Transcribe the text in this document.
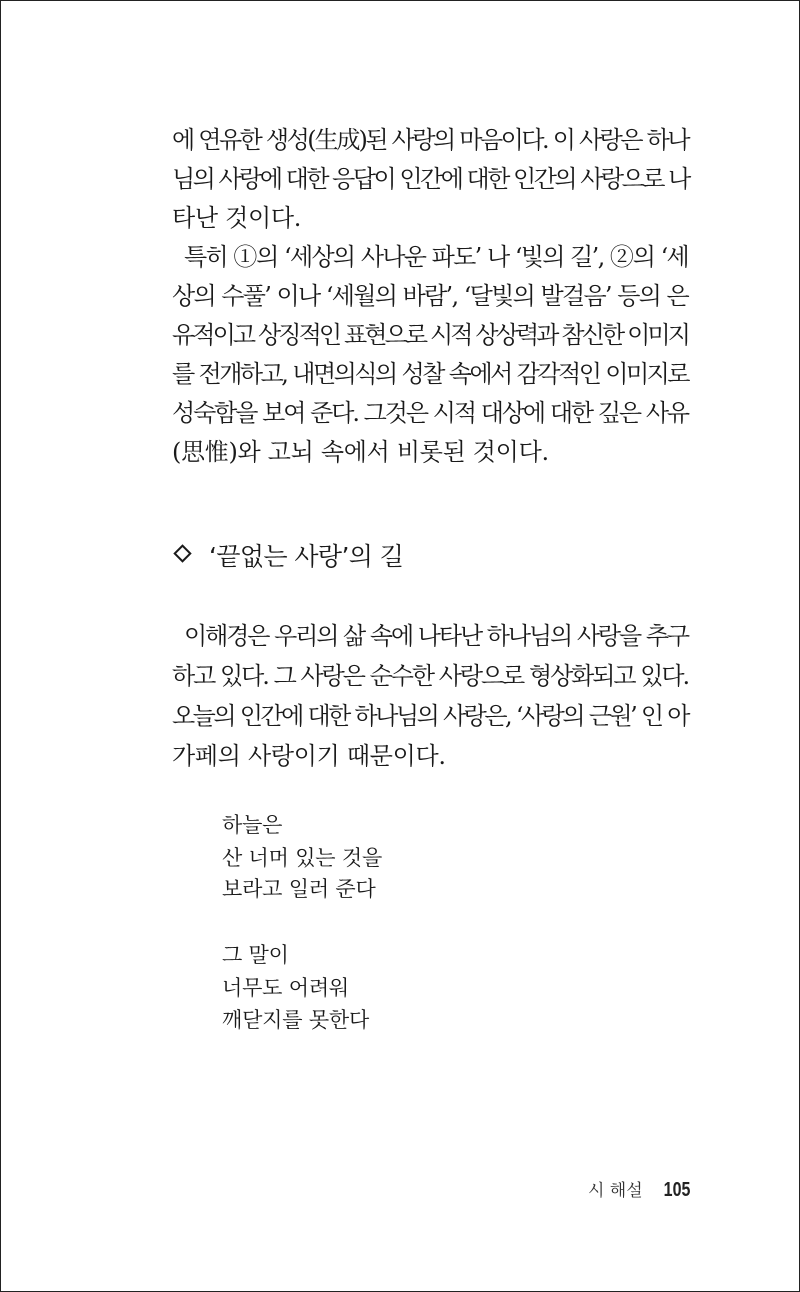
에 연유한 생성(生成)된 사랑의 마음이다. 이 사랑은 하나
님의 사랑에 대한 응답이 인간에 대한 인간의 사랑으로 나
타난 것이다.
특히 ①의 ‘세상의 사나운 파도’ 나 ‘빛의 길’, ②의 ‘세
상의 수풀’ 이나 ‘세월의 바람’, ‘달빛의 발걸음’ 등의 은
유적이고 상징적인 표현으로 시적 상상력과 참신한 이미지
를 전개하고, 내면의식의 성찰 속에서 감각적인 이미지로
성숙함을 보여 준다. 그것은 시적 대상에 대한 깊은 사유
(思惟)와 고뇌 속에서 비롯된 것이다.
‘끝없는 사랑’의 길
이해경은 우리의 삶 속에 나타난 하나님의 사랑을 추구
하고 있다. 그 사랑은 순수한 사랑으로 형상화되고 있다.
오늘의 인간에 대한 하나님의 사랑은, ‘사랑의 근원’ 인 아
가페의 사랑이기 때문이다.
하늘은
산 너머 있는 것을
보라고 일러 준다
그 말이
너무도 어려워
깨닫지를 못한다
시 해설 105
